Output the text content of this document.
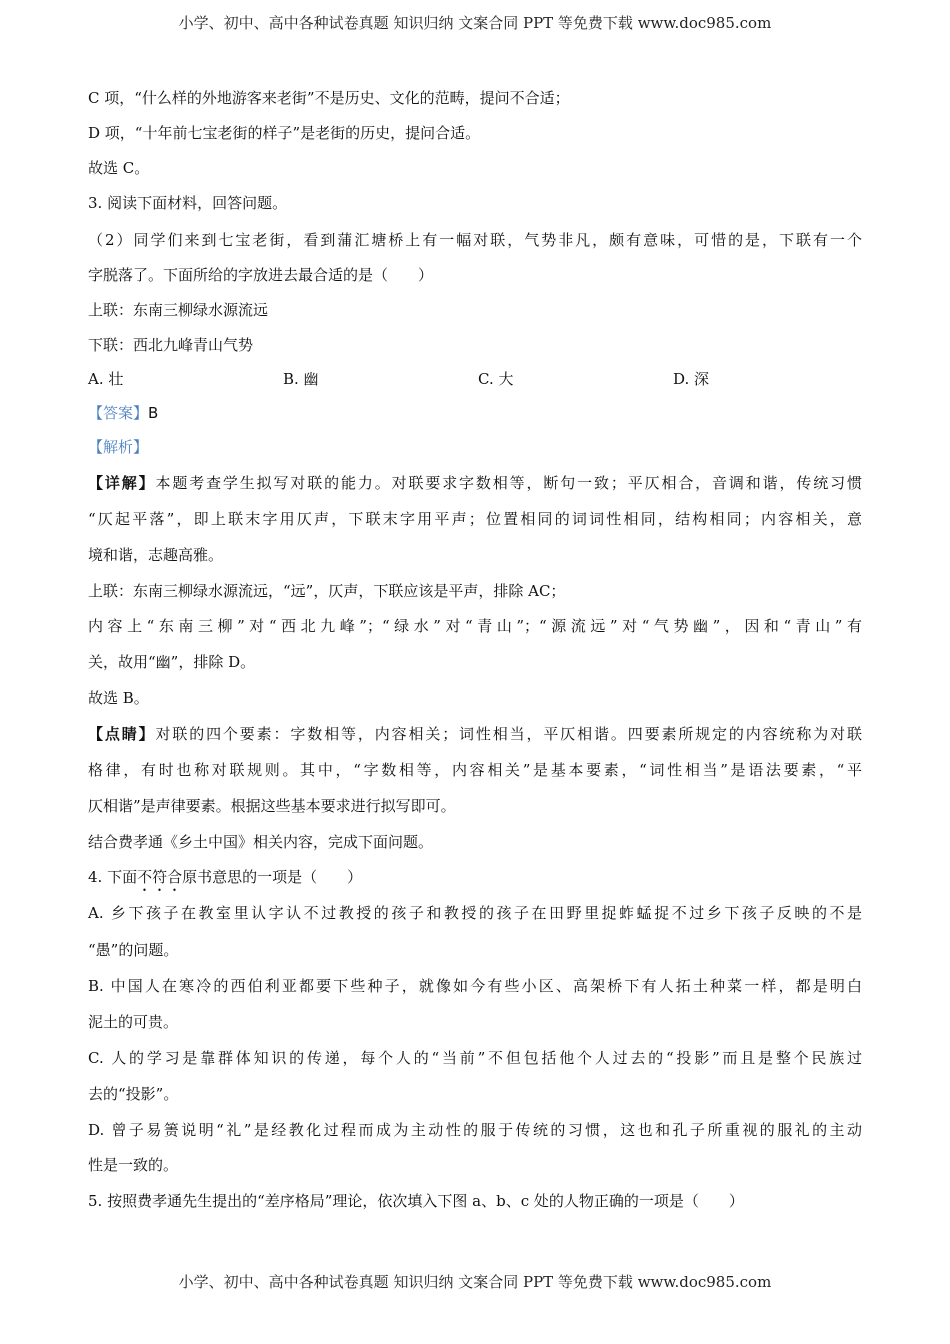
小学、初中、高中各种试卷真题 知识归纳 文案合同 PPT 等免费下载 www.doc985.com
C 项，“什么样的外地游客来老街”不是历史、文化的范畴，提问不合适；
D 项，“十年前七宝老街的样子”是老街的历史，提问合适。
故选 C。
3. 阅读下面材料，回答问题。
（2）同学们来到七宝老街，看到蒲汇塘桥上有一幅对联，气势非凡，颇有意味，可惜的是，下联有一个
字脱落了。下面所给的字放进去最合适的是（　　）
上联：东南三柳绿水源流远
下联：西北九峰青山气势
A. 壮	B. 幽	C. 大	D. 深
【答案】B
【解析】
【详解】本题考查学生拟写对联的能力。对联要求字数相等，断句一致；平仄相合，音调和谐，传统习惯
“仄起平落”，即上联末字用仄声，下联末字用平声；位置相同的词词性相同，结构相同；内容相关，意
境和谐，志趣高雅。
上联：东南三柳绿水源流远，“远”，仄声，下联应该是平声，排除 AC；
内容上“东南三柳”对“西北九峰”；“绿水”对“青山”；“源流远”对“气势幽”，因和“青山”有
关，故用“幽”，排除 D。
故选 B。
【点睛】对联的四个要素：字数相等，内容相关；词性相当，平仄相谐。四要素所规定的内容统称为对联
格律，有时也称对联规则。其中，“字数相等，内容相关”是基本要素，“词性相当”是语法要素，“平
仄相谐”是声律要素。根据这些基本要求进行拟写即可。
结合费孝通《乡土中国》相关内容，完成下面问题。
4. 下面不符合原书意思的一项是（　　）
A. 乡下孩子在教室里认字认不过教授的孩子和教授的孩子在田野里捉蚱蜢捉不过乡下孩子反映的不是
“愚”的问题。
B. 中国人在寒冷的西伯利亚都要下些种子，就像如今有些小区、高架桥下有人拓土种菜一样，都是明白
泥土的可贵。
C. 人的学习是靠群体知识的传递，每个人的“当前”不但包括他个人过去的“投影”而且是整个民族过
去的“投影”。
D. 曾子易箦说明“礼”是经教化过程而成为主动性的服于传统的习惯，这也和孔子所重视的服礼的主动
性是一致的。
5. 按照费孝通先生提出的“差序格局”理论，依次填入下图 a、b、c 处的人物正确的一项是（　　）
小学、初中、高中各种试卷真题 知识归纳 文案合同 PPT 等免费下载 www.doc985.com
